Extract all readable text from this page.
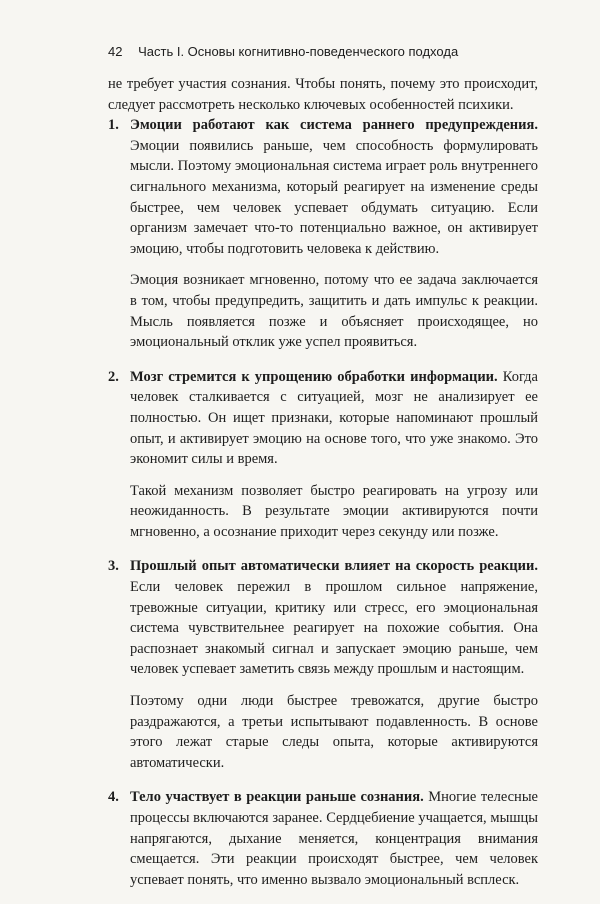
42 Часть I. Основы когнитивно-поведенческого подхода

не требует участия сознания. Чтобы понять, почему это происходит, следует рассмотреть несколько ключевых особенностей психики.

1. Эмоции работают как система раннего предупреждения. Эмоции появились раньше, чем способность формулировать мысли. Поэтому эмоциональная система играет роль внутреннего сигнального механизма, который реагирует на изменение среды быстрее, чем человек успевает обдумать ситуацию. Если организм замечает что-то потенциально важное, он активирует эмоцию, чтобы подготовить человека к действию.

Эмоция возникает мгновенно, потому что ее задача заключается в том, чтобы предупредить, защитить и дать импульс к реакции. Мысль появляется позже и объясняет происходящее, но эмоциональный отклик уже успел проявиться.

2. Мозг стремится к упрощению обработки информации. Когда человек сталкивается с ситуацией, мозг не анализирует ее полностью. Он ищет признаки, которые напоминают прошлый опыт, и активирует эмоцию на основе того, что уже знакомо. Это экономит силы и время.

Такой механизм позволяет быстро реагировать на угрозу или неожиданность. В результате эмоции активируются почти мгновенно, а осознание приходит через секунду или позже.

3. Прошлый опыт автоматически влияет на скорость реакции. Если человек пережил в прошлом сильное напряжение, тревожные ситуации, критику или стресс, его эмоциональная система чувствительнее реагирует на похожие события. Она распознает знакомый сигнал и запускает эмоцию раньше, чем человек успевает заметить связь между прошлым и настоящим.

Поэтому одни люди быстрее тревожатся, другие быстро раздражаются, а третьи испытывают подавленность. В основе этого лежат старые следы опыта, которые активируются автоматически.

4. Тело участвует в реакции раньше сознания. Многие телесные процессы включаются заранее. Сердцебиение учащается, мышцы напрягаются, дыхание меняется, концентрация внимания смещается. Эти реакции происходят быстрее, чем человек успевает понять, что именно вызвало эмоциональный всплеск.
